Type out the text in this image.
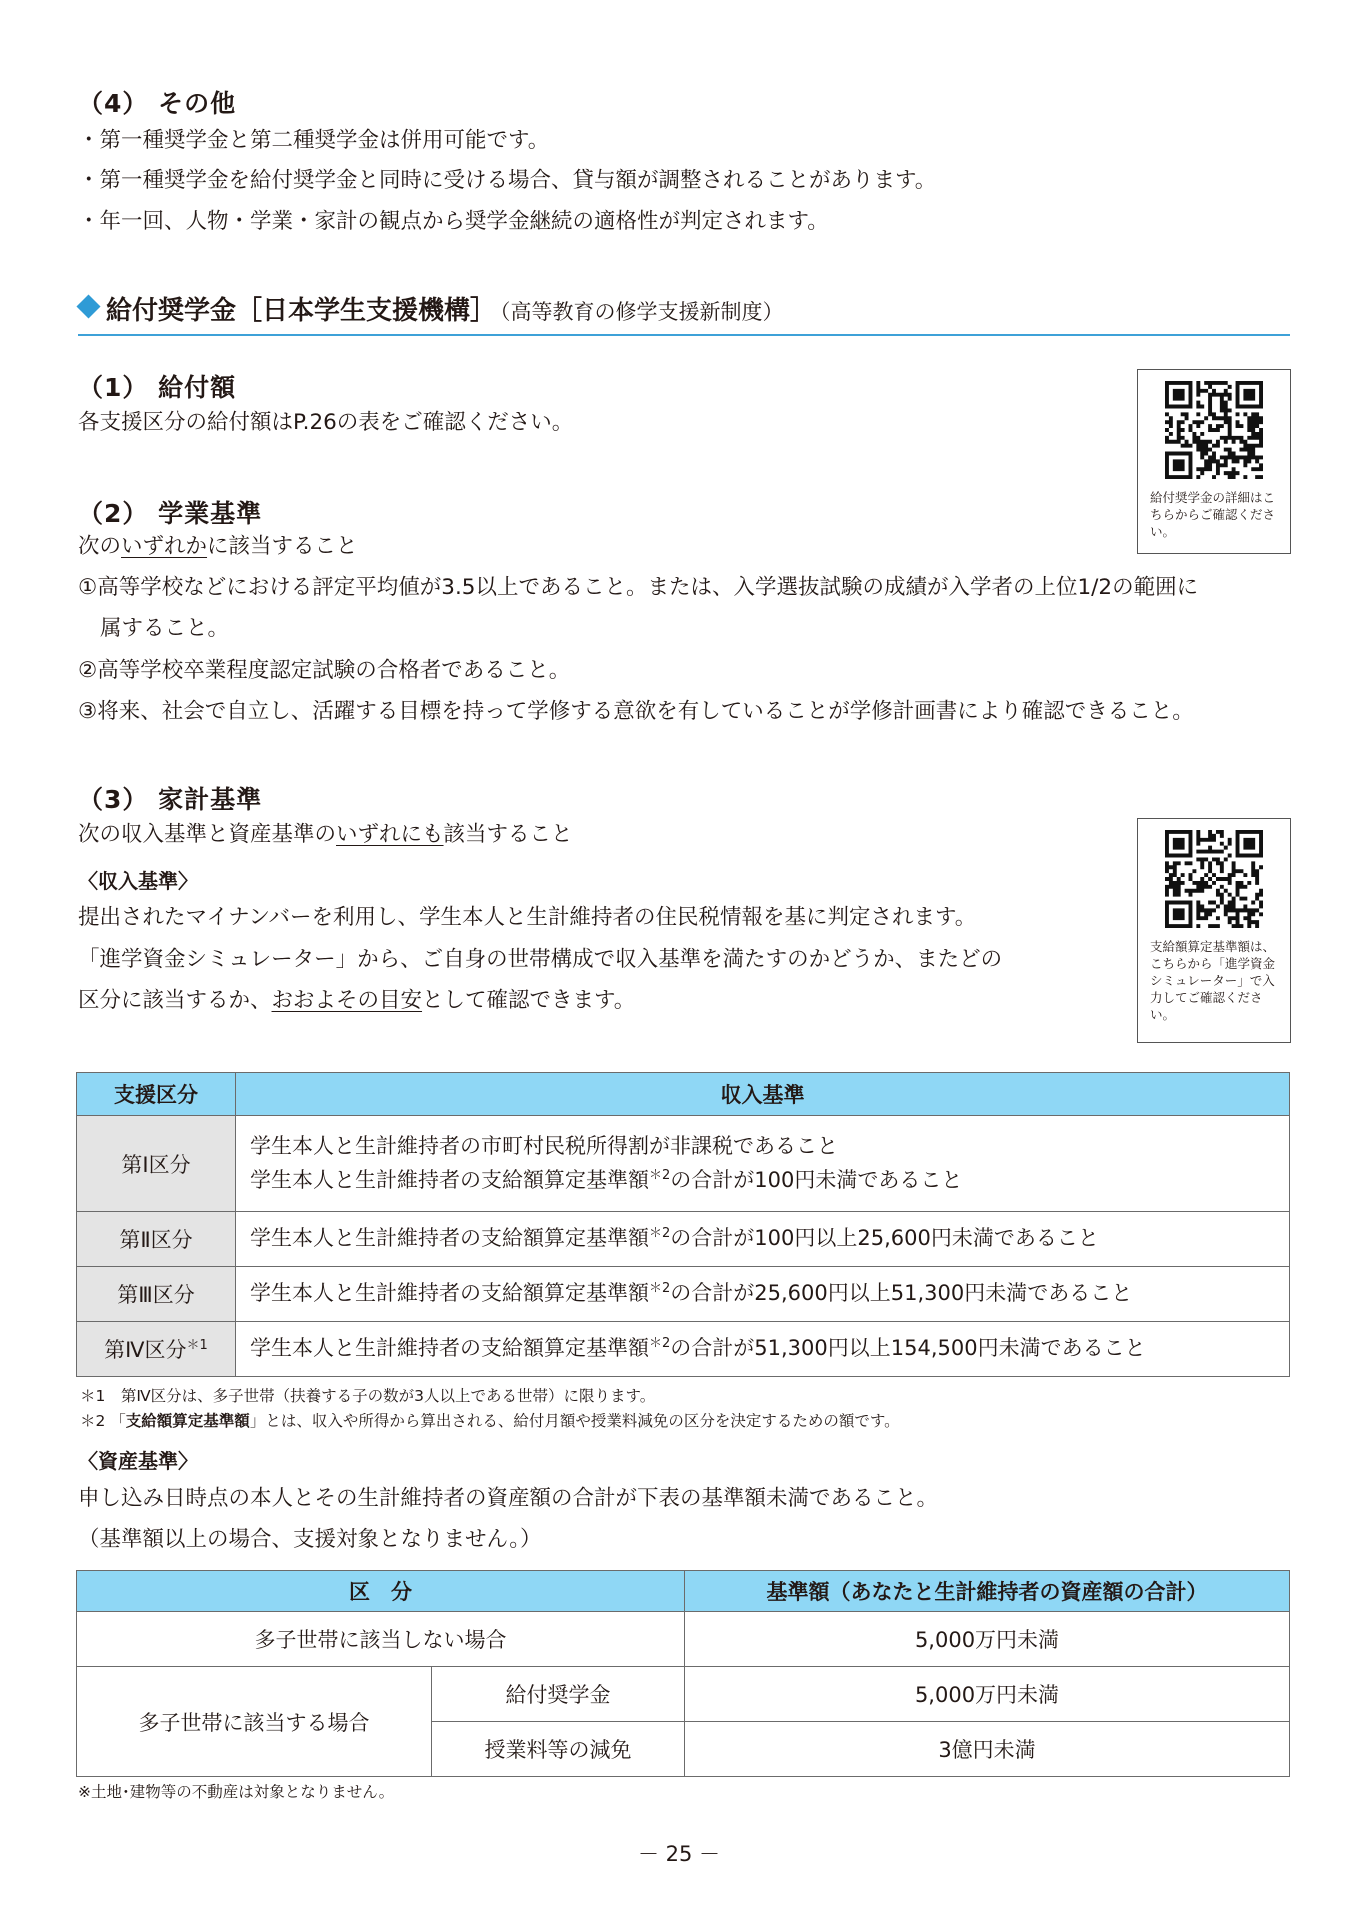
（4） その他
・第一種奨学金と第二種奨学金は併用可能です。
・第一種奨学金を給付奨学金と同時に受ける場合、貸与額が調整されることがあります。
・年一回、人物・学業・家計の観点から奨学金継続の適格性が判定されます。
給付奨学金［日本学生支援機構］ （高等教育の修学支援新制度）
（1） 給付額
各支援区分の給付額はP.26の表をご確認ください。
給付奨学金の詳細はこちらからご確認ください。
（2） 学業基準
次のいずれかに該当すること
①高等学校などにおける評定平均値が3.5以上であること。または、入学選抜試験の成績が入学者の上位1/2の範囲に
属すること。
②高等学校卒業程度認定試験の合格者であること。
③将来、社会で自立し、活躍する目標を持って学修する意欲を有していることが学修計画書により確認できること。
（3） 家計基準
次の収入基準と資産基準のいずれにも該当すること
〈収入基準〉
提出されたマイナンバーを利用し、学生本人と生計維持者の住民税情報を基に判定されます。
「進学資金シミュレーター」から、ご自身の世帯構成で収入基準を満たすのかどうか、またどの
区分に該当するか、おおよその目安として確認できます。
支給額算定基準額は、こちらから「進学資金シミュレーター」で入力してご確認ください。
支援区分	収入基準
第Ⅰ区分	学生本人と生計維持者の市町村民税所得割が非課税であること
学生本人と生計維持者の支給額算定基準額$^{*2}$の合計が100円未満であること

第Ⅱ区分	学生本人と生計維持者の支給額算定基準額$^{*2}$の合計が100円以上25,600円未満であること
第Ⅲ区分	学生本人と生計維持者の支給額算定基準額$^{*2}$の合計が25,600円以上51,300円未満であること
第Ⅳ区分$^{*1}$	学生本人と生計維持者の支給額算定基準額$^{*2}$の合計が51,300円以上154,500円未満であること
＊1　第Ⅳ区分は、多子世帯（扶養する子の数が3人以上である世帯）に限ります。
＊2 「支給額算定基準額」とは、収入や所得から算出される、給付月額や授業料減免の区分を決定するための額です。
〈資産基準〉
申し込み日時点の本人とその生計維持者の資産額の合計が下表の基準額未満であること。
（基準額以上の場合、支援対象となりません。）
区　分		基準額（あなたと生計維持者の資産額の合計）
多子世帯に該当しない場合		5,000万円未満
多子世帯に該当する場合	給付奨学金	5,000万円未満
	授業料等の減免	3億円未満
※土地･建物等の不動産は対象となりません。
－ 25 －
